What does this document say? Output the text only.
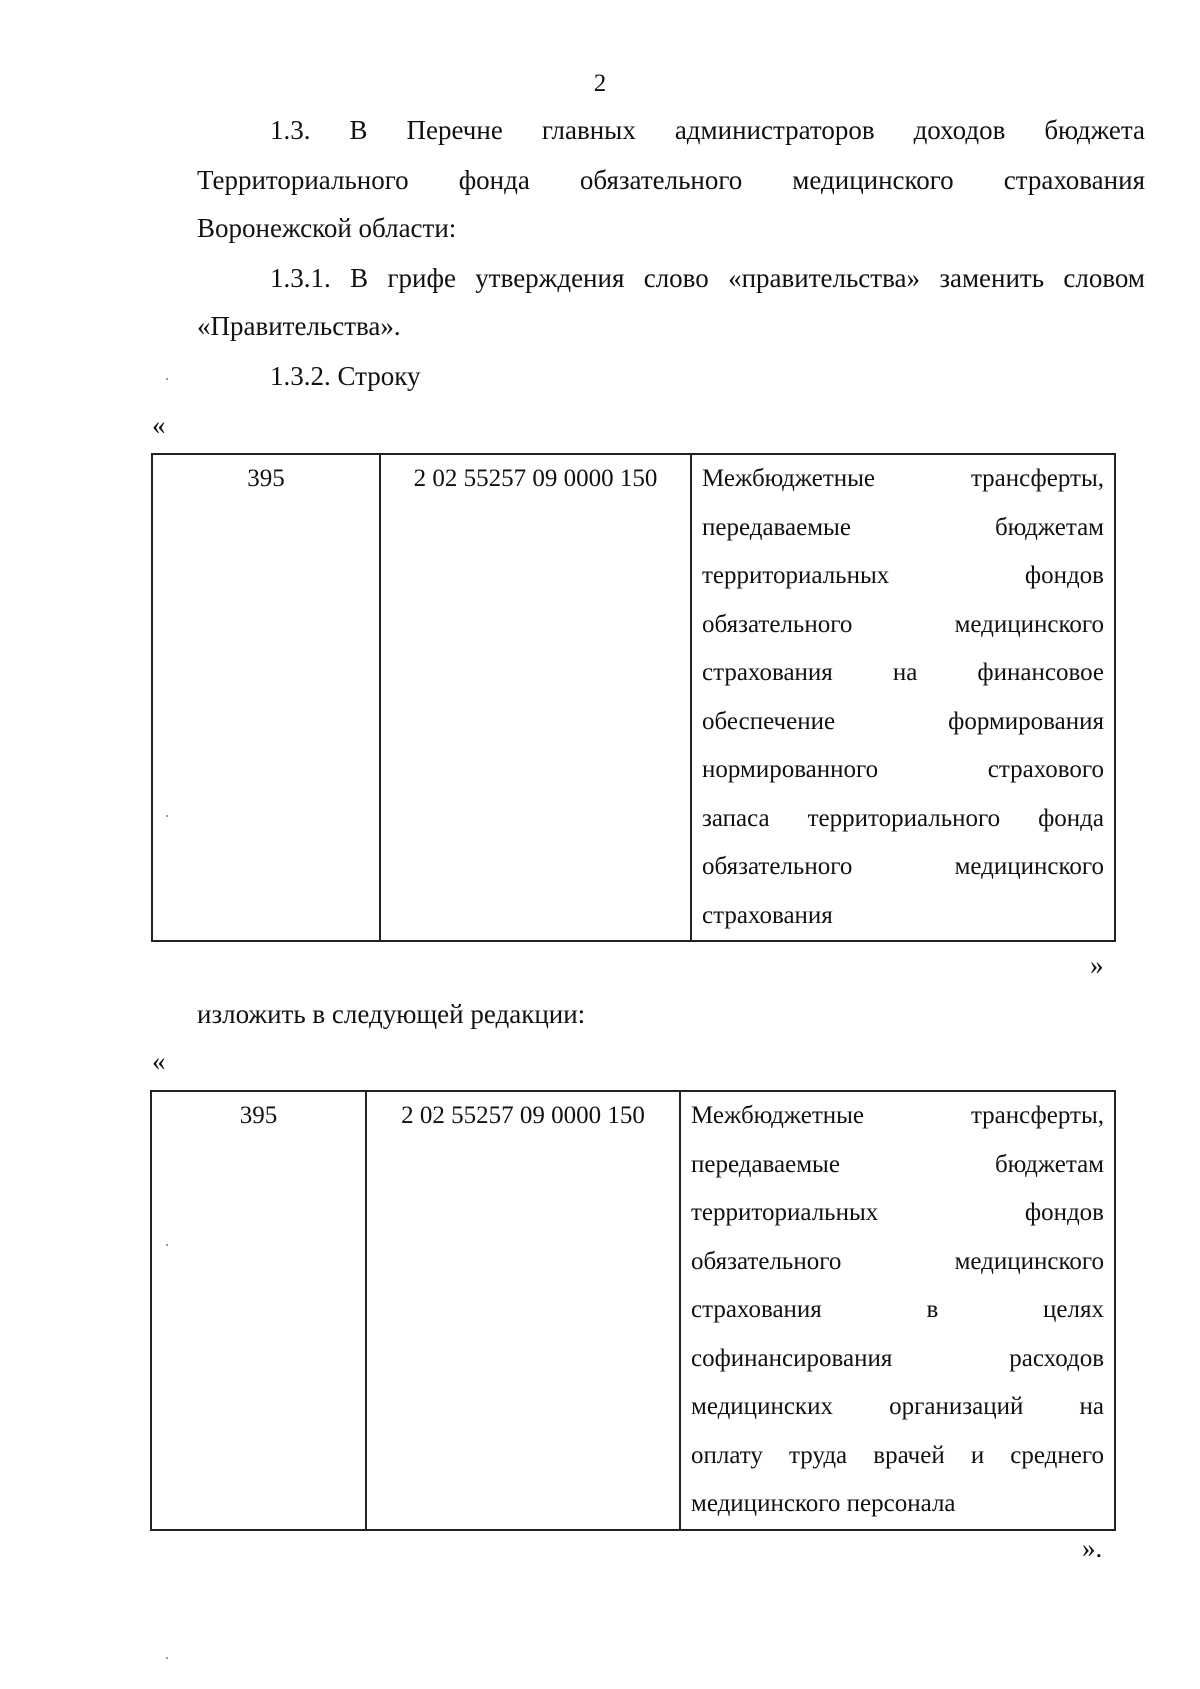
2
1.3. В Перечне главных администраторов доходов бюджета
Территориального фонда обязательного медицинского страхования
Воронежской области:
1.3.1. В грифе утверждения слово «правительства» заменить словом
«Правительства».
1.3.2. Строку
«
395	2 02 55257 09 0000 150	Межбюджетные трансферты,
передаваемые бюджетам
территориальных фондов
обязательного медицинского
страхования на финансовое
обеспечение формирования
нормированного страхового
запаса территориального фонда
обязательного медицинского
страхования
»
изложить в следующей редакции:
«
395	2 02 55257 09 0000 150	Межбюджетные трансферты,
передаваемые бюджетам
территориальных фондов
обязательного медицинского
страхования в целях
софинансирования расходов
медицинских организаций на
оплату труда врачей и среднего
медицинского персонала
».
